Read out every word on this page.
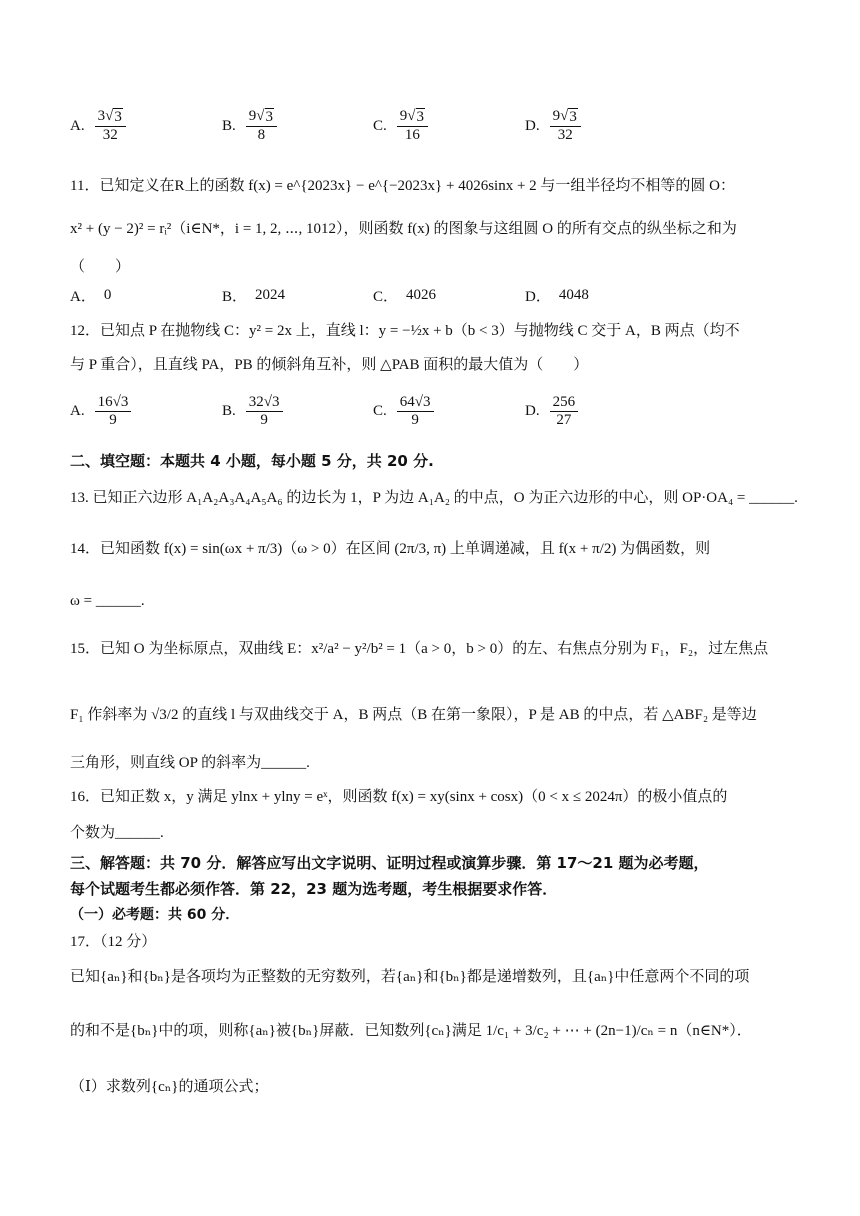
A. $\frac{3 √ 3}{32}$	B. $\frac{9 √ 3}{8}$	C. $\frac{9 √ 3}{16}$	D. $\frac{9 √ 3}{32}$
11．已知定义在R上的函数 f(x) = e^{2023x} − e^{−2023x} + 4026sinx + 2 与一组半径均不相等的圆 O：
x² + (y − 2)² = rᵢ²（i∈N*，i = 1, 2, ⋯, 1012），则函数 f(x) 的图象与这组圆 O 的所有交点的纵坐标之和为
（　　）
A． 0	B． 2024	C． 4026	D． 4048
12．已知点 P 在抛物线 C：y² = 2x 上，直线 l：y = −½x + b（b < 3）与抛物线 C 交于 A，B 两点（均不
与 P 重合），且直线 PA，PB 的倾斜角互补，则 △PAB 面积的最大值为（　　）
A. $\frac{16√3}{9}$	B. $\frac{32√3}{9}$	C. $\frac{64√3}{9}$	D. $\frac{256}{27}$
二、填空题：本题共 4 小题，每小题 5 分，共 20 分.
13. 已知正六边形 A₁A₂A₃A₄A₅A₆ 的边长为 1，P 为边 A₁A₂ 的中点，O 为正六边形的中心，则 OP·OA₄ = ______.
14．已知函数 f(x) = sin(ωx + π/3)（ω > 0）在区间 (2π/3, π) 上单调递减，且 f(x + π/2) 为偶函数，则
ω = ______.
15．已知 O 为坐标原点，双曲线 E：x²/a² − y²/b² = 1（a > 0，b > 0）的左、右焦点分别为 F₁，F₂，过左焦点
F₁ 作斜率为 √3/2 的直线 l 与双曲线交于 A，B 两点（B 在第一象限），P 是 AB 的中点，若 △ABF₂ 是等边
三角形，则直线 OP 的斜率为______.
16．已知正数 x，y 满足 ylnx + ylny = eˣ，则函数 f(x) = xy(sinx + cosx)（0 < x ≤ 2024π）的极小值点的
个数为______.
三、解答题：共 70 分．解答应写出文字说明、证明过程或演算步骤．第 17～21 题为必考题，
每个试题考生都必须作答．第 22，23 题为选考题，考生根据要求作答．
（一）必考题：共 60 分．
17．（12 分）
已知{aₙ}和{bₙ}是各项均为正整数的无穷数列，若{aₙ}和{bₙ}都是递增数列，且{aₙ}中任意两个不同的项
的和不是{bₙ}中的项，则称{aₙ}被{bₙ}屏蔽．已知数列{cₙ}满足 1/c₁ + 3/c₂ + ⋯ + (2n−1)/cₙ = n（n∈N*）．
（Ⅰ）求数列{cₙ}的通项公式；
